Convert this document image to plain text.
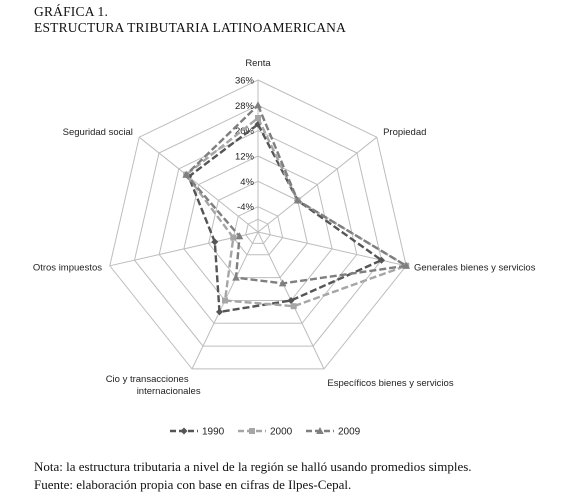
GRÁFICA 1.
ESTRUCTURA TRIBUTARIA LATINOAMERICANA
Renta
Propiedad
Generales bienes y servicios
Específicos bienes y servicios
Cio y transacciones internacionales
Otros impuestos
Seguridad social
-4%
4%
12%
20%
28%
36%
1990	2000	2009
Nota: la estructura tributaria a nivel de la región se halló usando promedios simples.
Fuente: elaboración propia con base en cifras de Ilpes-Cepal.
